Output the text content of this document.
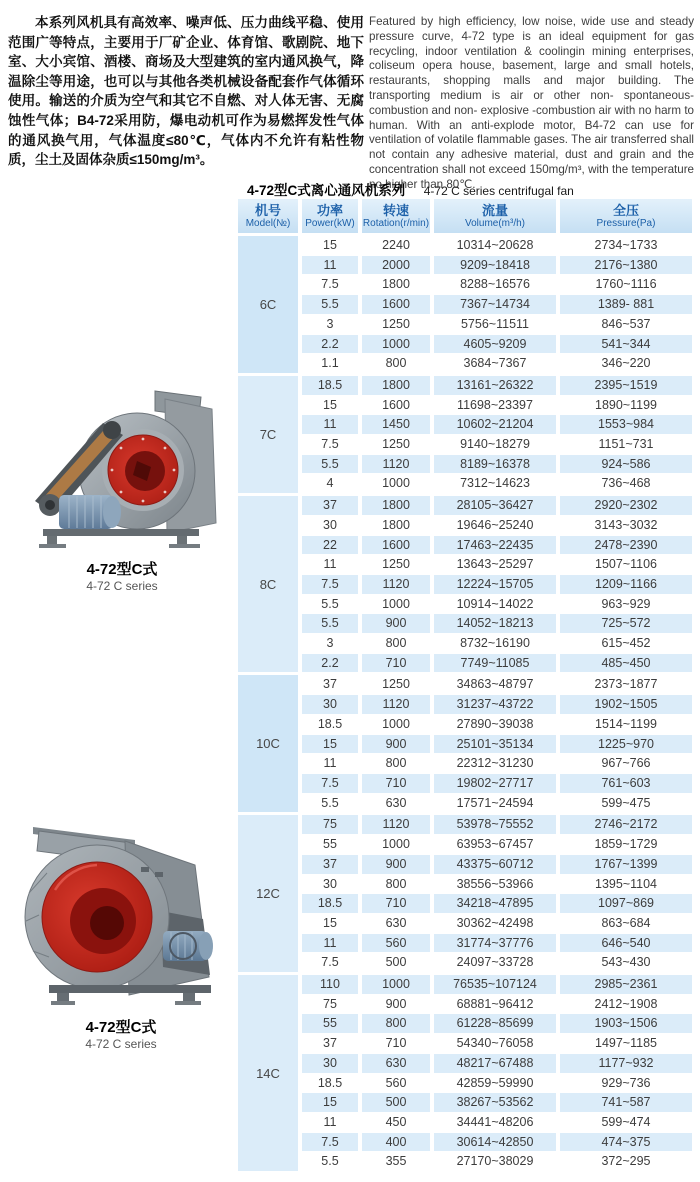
本系列风机具有高效率、噪声低、压力曲线平稳、使用范围广等特点，主要用于厂矿企业、体育馆、歌剧院、地下室、大小宾馆、酒楼、商场及大型建筑的室内通风换气，降温除尘等用途，也可以与其他各类机械设备配套作气体循环使用。输送的介质为空气和其它不自燃、对人体无害、无腐蚀性气体；B4-72采用防，爆电动机可作为易燃挥发性气体的通风换气用，气体温度≤80℃，气体内不允许有粘性物质，尘土及固体杂质≤150mg/m³。

Featured by high efficiency, low noise, wide use and steady pressure curve, 4-72 type is an ideal equipment for gas recycling, indoor ventilation & coolingin mining enterprises, coliseum opera house, basement, large and small hotels, restaurants, shopping malls and major building. The transporting medium is air or other non- spontaneous-combustion and non- explosive -combustion air with no harm to human. With an anti-explode motor, B4-72 can use for ventilation of volatile flammable gases. The air transferred shall not contain any adhesive material, dust and grain and the concentration shall not exceed 150mg/m³, with the temperature no higher than 80℃.

4-72型C式离心通风机系列 4-72 C series centrifugal fan
4-72型C式
4-72 C series
4-72型C式
4-72 C series
机号
Model(№)

功率
Power(kW)

转速
Rotation(r/min)

流量
Volume(m³/h)

全压
Pressure(Pa)

6C	15	2240	10314~20628	2734~1733
	11	2000	9209~18418	2176~1380
	7.5	1800	8288~16576	1760~1116
	5.5	1600	7367~14734	1389- 881
	3	1250	5756~11511	846~537
	2.2	1000	4605~9209	541~344
	1.1	800	3684~7367	346~220
7C	18.5	1800	13161~26322	2395~1519
	15	1600	11698~23397	1890~1199
	11	1450	10602~21204	1553~984
	7.5	1250	9140~18279	1151~731
	5.5	1120	8189~16378	924~586
	4	1000	7312~14623	736~468
8C	37	1800	28105~36427	2920~2302
	30	1800	19646~25240	3143~3032
	22	1600	17463~22435	2478~2390
	11	1250	13643~25297	1507~1106
	7.5	1120	12224~15705	1209~1166
	5.5	1000	10914~14022	963~929
	5.5	900	14052~18213	725~572
	3	800	8732~16190	615~452
	2.2	710	7749~11085	485~450
10C	37	1250	34863~48797	2373~1877
	30	1120	31237~43722	1902~1505
	18.5	1000	27890~39038	1514~1199
	15	900	25101~35134	1225~970
	11	800	22312~31230	967~766
	7.5	710	19802~27717	761~603
	5.5	630	17571~24594	599~475
12C	75	1120	53978~75552	2746~2172
	55	1000	63953~67457	1859~1729
	37	900	43375~60712	1767~1399
	30	800	38556~53966	1395~1104
	18.5	710	34218~47895	1097~869
	15	630	30362~42498	863~684
	11	560	31774~37776	646~540
	7.5	500	24097~33728	543~430
14C	110	1000	76535~107124	2985~2361
	75	900	68881~96412	2412~1908
	55	800	61228~85699	1903~1506
	37	710	54340~76058	1497~1185
	30	630	48217~67488	1177~932
	18.5	560	42859~59990	929~736
	15	500	38267~53562	741~587
	11	450	34441~48206	599~474
	7.5	400	30614~42850	474~375
	5.5	355	27170~38029	372~295
